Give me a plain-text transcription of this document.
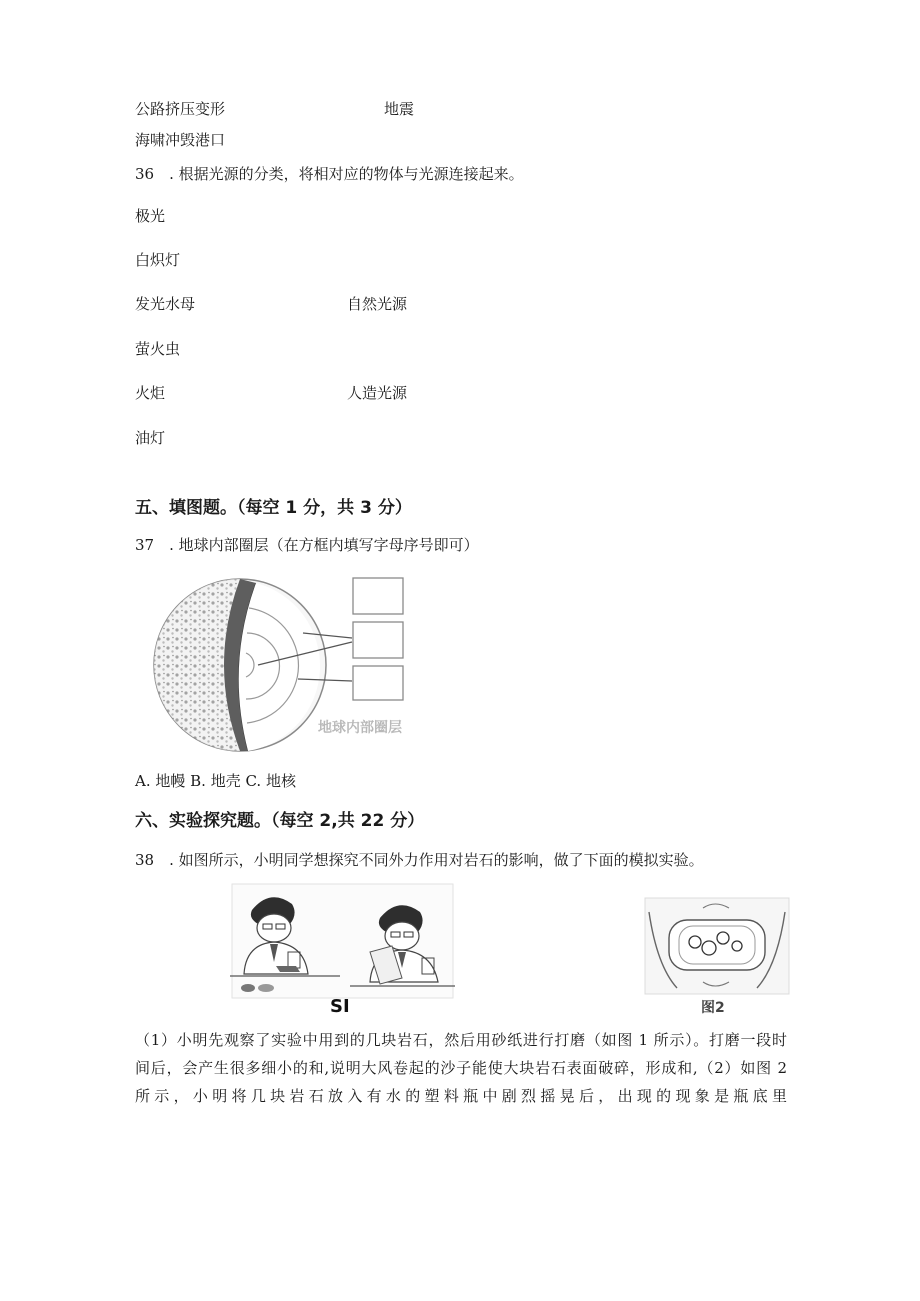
公路挤压变形	地震
海啸冲毁港口
36　. 根据光源的分类，将相对应的物体与光源连接起来。
极光
白炽灯
发光水母	自然光源
萤火虫
火炬	人造光源
油灯
五、填图题。（每空 1 分，共 3 分）
37　. 地球内部圈层（在方框内填写字母序号即可）
地球内部圈层
A. 地幔 B. 地壳 C. 地核
六、实验探究题。（每空 2,共 22 分）
38　. 如图所示，小明同学想探究不同外力作用对岩石的影响，做了下面的模拟实验。
SI	图2
（1）小明先观察了实验中用到的几块岩石，然后用砂纸进行打磨（如图 1 所示）。打磨一段时
间后，会产生很多细小的和,说明大风卷起的沙子能使大块岩石表面破碎，形成和,（2）如图 2
所示，小明将几块岩石放入有水的塑料瓶中剧烈摇晃后，出现的现象是瓶底里
